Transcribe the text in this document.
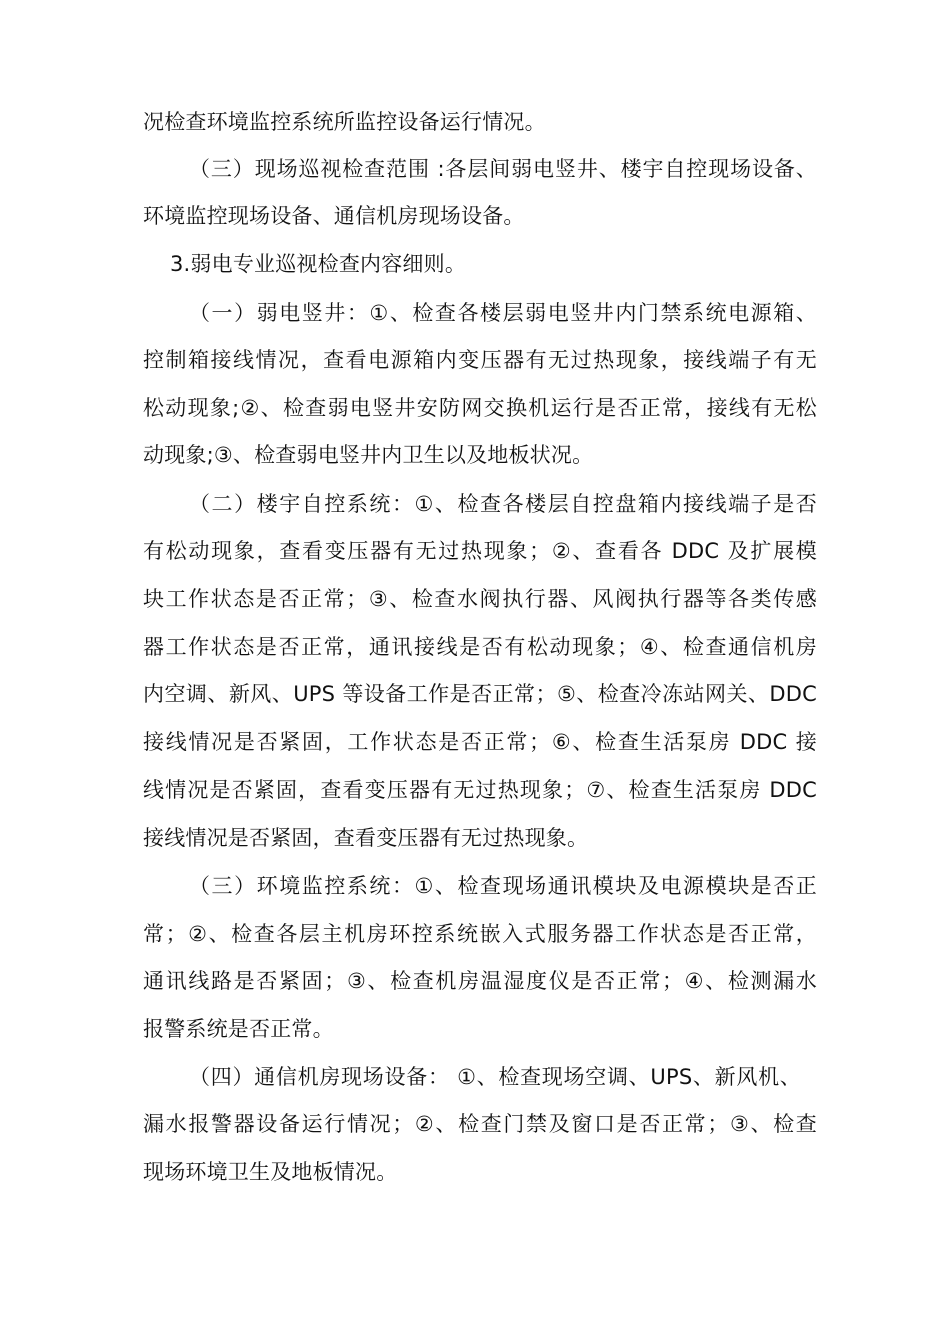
况检查环境监控系统所监控设备运行情况。
（三）现场巡视检查范围 :各层间弱电竖井、楼宇自控现场设备、
环境监控现场设备、通信机房现场设备。
3.弱电专业巡视检查内容细则。
（一）弱电竖井：①、检查各楼层弱电竖井内门禁系统电源箱、
控制箱接线情况，查看电源箱内变压器有无过热现象，接线端子有无
松动现象;②、检查弱电竖井安防网交换机运行是否正常，接线有无松
动现象;③、检查弱电竖井内卫生以及地板状况。
（二）楼宇自控系统：①、检查各楼层自控盘箱内接线端子是否
有松动现象，查看变压器有无过热现象；②、查看各 DDC 及扩展模
块工作状态是否正常；③、检查水阀执行器、风阀执行器等各类传感
器工作状态是否正常，通讯接线是否有松动现象；④、检查通信机房
内空调、新风、UPS 等设备工作是否正常；⑤、检查冷冻站网关、DDC
接线情况是否紧固，工作状态是否正常；⑥、检查生活泵房 DDC 接
线情况是否紧固，查看变压器有无过热现象；⑦、检查生活泵房 DDC
接线情况是否紧固，查看变压器有无过热现象。
（三）环境监控系统：①、检查现场通讯模块及电源模块是否正
常；②、检查各层主机房环控系统嵌入式服务器工作状态是否正常，
通讯线路是否紧固；③、检查机房温湿度仪是否正常；④、检测漏水
报警系统是否正常。
（四）通信机房现场设备： ①、检查现场空调、UPS、新风机、
漏水报警器设备运行情况；②、检查门禁及窗口是否正常；③、检查
现场环境卫生及地板情况。
